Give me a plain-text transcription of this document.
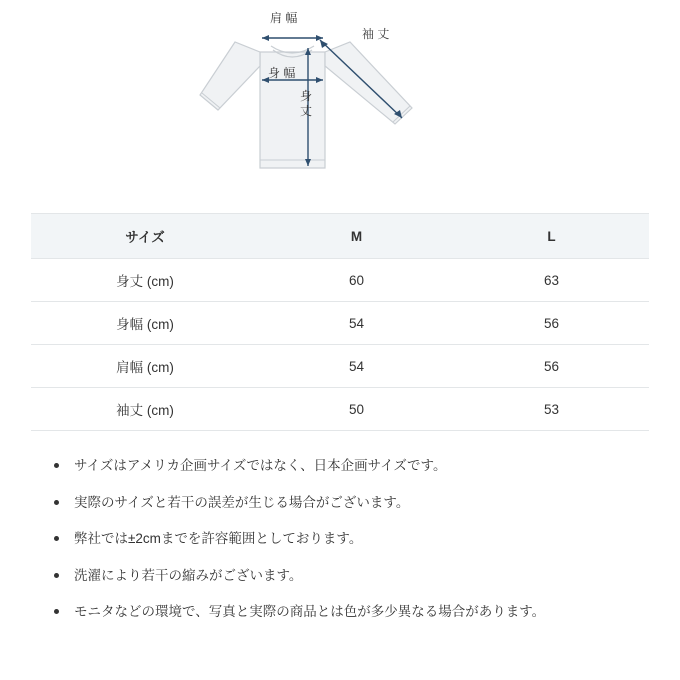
肩 幅
身 幅
身丈
袖 丈
サイズ	M	L
身丈 (cm)	60	63
身幅 (cm)	54	56
肩幅 (cm)	54	56
袖丈 (cm)	50	53
サイズはアメリカ企画サイズではなく、日本企画サイズです。
実際のサイズと若干の誤差が生じる場合がございます。
弊社では±2cmまでを許容範囲としております。
洗濯により若干の縮みがございます。
モニタなどの環境で、写真と実際の商品とは色が多少異なる場合があります。
